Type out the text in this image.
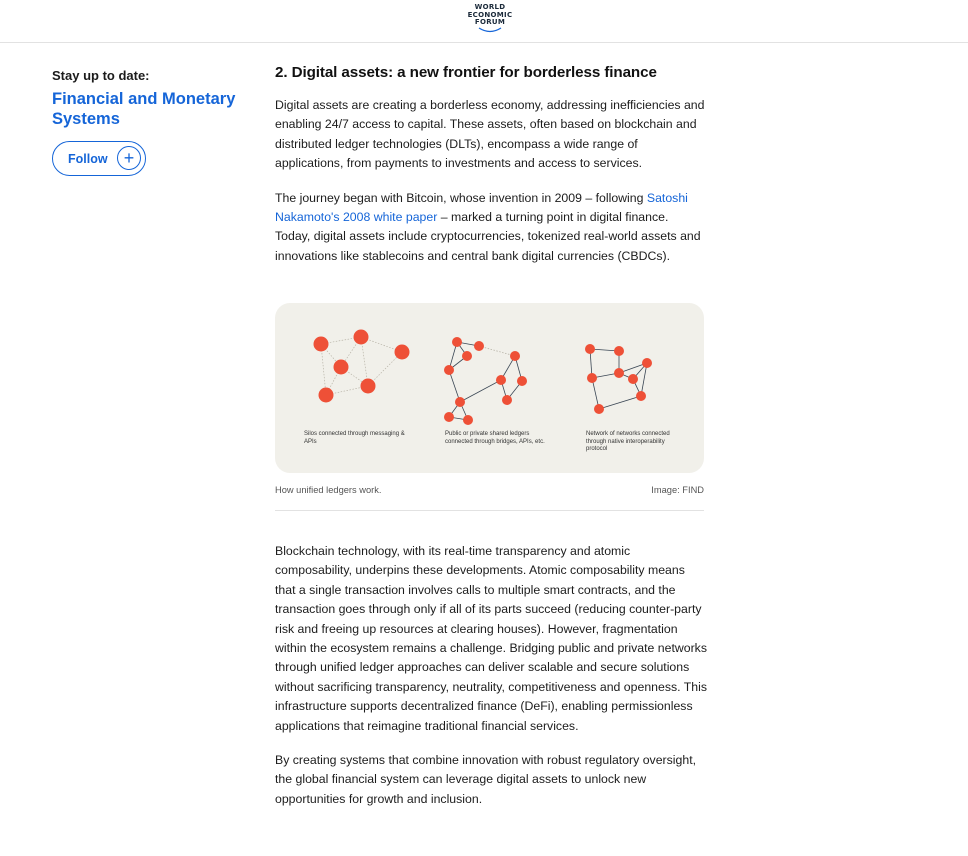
WORLD
ECONOMIC
FORUM
Stay up to date:
Financial and Monetary Systems
Follow +
2. Digital assets: a new frontier for borderless finance

Digital assets are creating a borderless economy, addressing inefficiencies and enabling 24/7 access to capital. These assets, often based on blockchain and distributed ledger technologies (DLTs), encompass a wide range of applications, from payments to investments and access to services.

The journey began with Bitcoin, whose invention in 2009 – following Satoshi Nakamoto's 2008 white paper – marked a turning point in digital finance. Today, digital assets include cryptocurrencies, tokenized real-world assets and innovations like stablecoins and central bank digital currencies (CBDCs).

Silos connected through messaging & APIs
Public or private shared ledgers connected through bridges, APIs, etc.
Network of networks connected through native interoperability protocol
How unified ledgers work.	Image: FIND

Blockchain technology, with its real-time transparency and atomic composability, underpins these developments. Atomic composability means that a single transaction involves calls to multiple smart contracts, and the transaction goes through only if all of its parts succeed (reducing counter-party risk and freeing up resources at clearing houses). However, fragmentation within the ecosystem remains a challenge. Bridging public and private networks through unified ledger approaches can deliver scalable and secure solutions without sacrificing transparency, neutrality, competitiveness and openness. This infrastructure supports decentralized finance (DeFi), enabling permissionless applications that reimagine traditional financial services.

By creating systems that combine innovation with robust regulatory oversight, the global financial system can leverage digital assets to unlock new opportunities for growth and inclusion.
